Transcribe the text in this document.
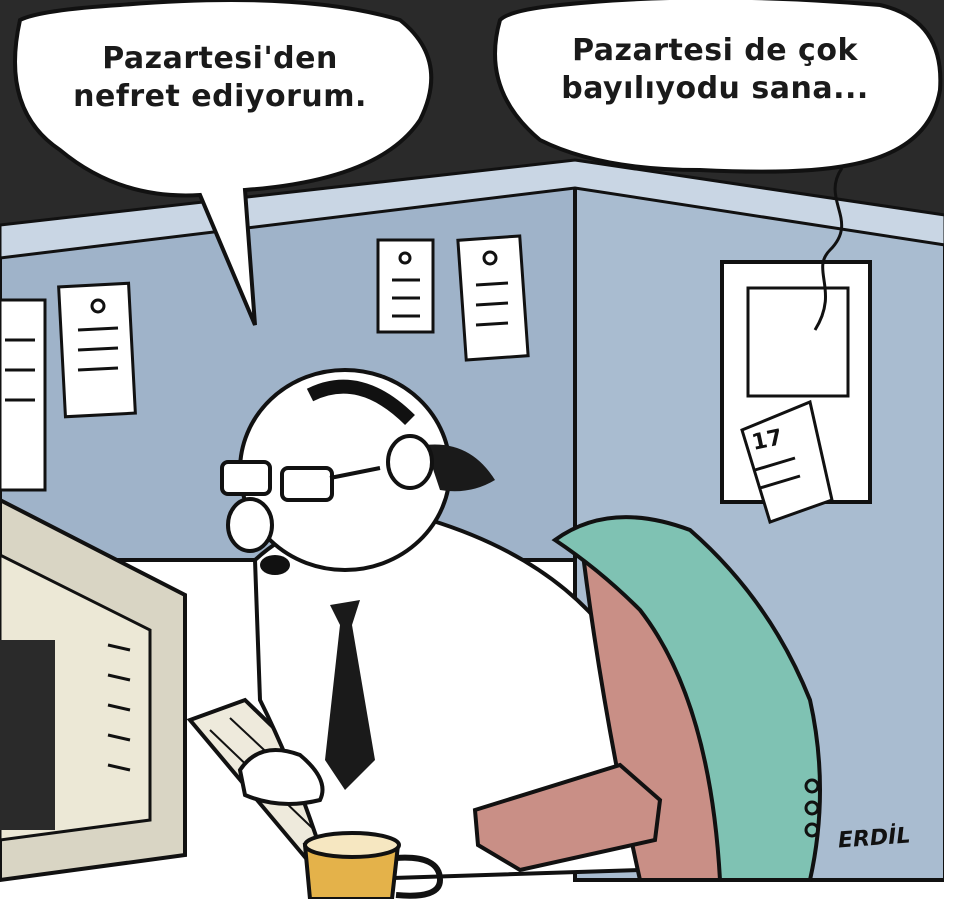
Pazartesi'den
nefret ediyorum.
Pazartesi de çok
bayılıyodu sana...
17
ERDİL
